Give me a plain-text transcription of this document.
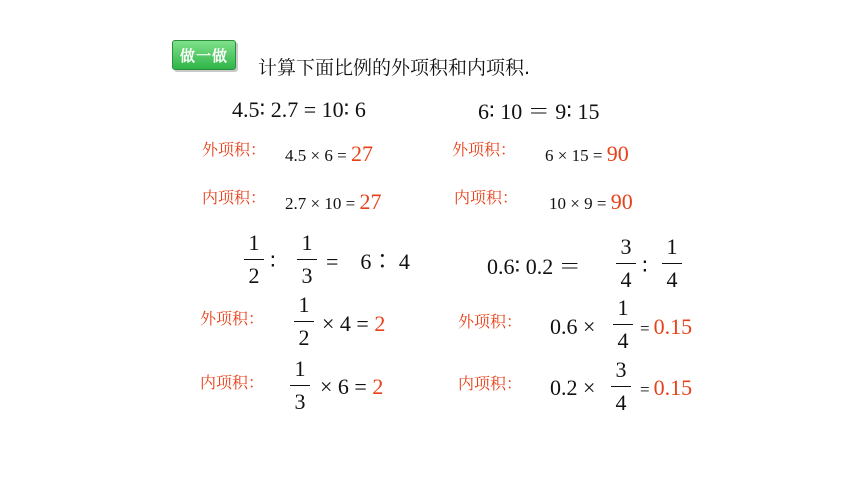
做一做
计算下面比例的外项积和内项积.
4.5∶ 2.7 = 10∶ 6
外项积： 4.5 × 6 = 27
内项积： 2.7 × 10 = 27
6∶ 10 ＝ 9∶ 15
外项积： 6 × 15 = 90
内项积： 10 × 9 = 90
1
2
∶
1
3
=　6∶ 4
外项积：
1
2
× 4 = 2
内项积：
1
3
× 6 = 2
0.6∶ 0.2 ＝
3
4
∶
1
4
外项积： 0.6 ×
1
4 = 0.15
内项积： 0.2 ×
3
4
= 0.15
